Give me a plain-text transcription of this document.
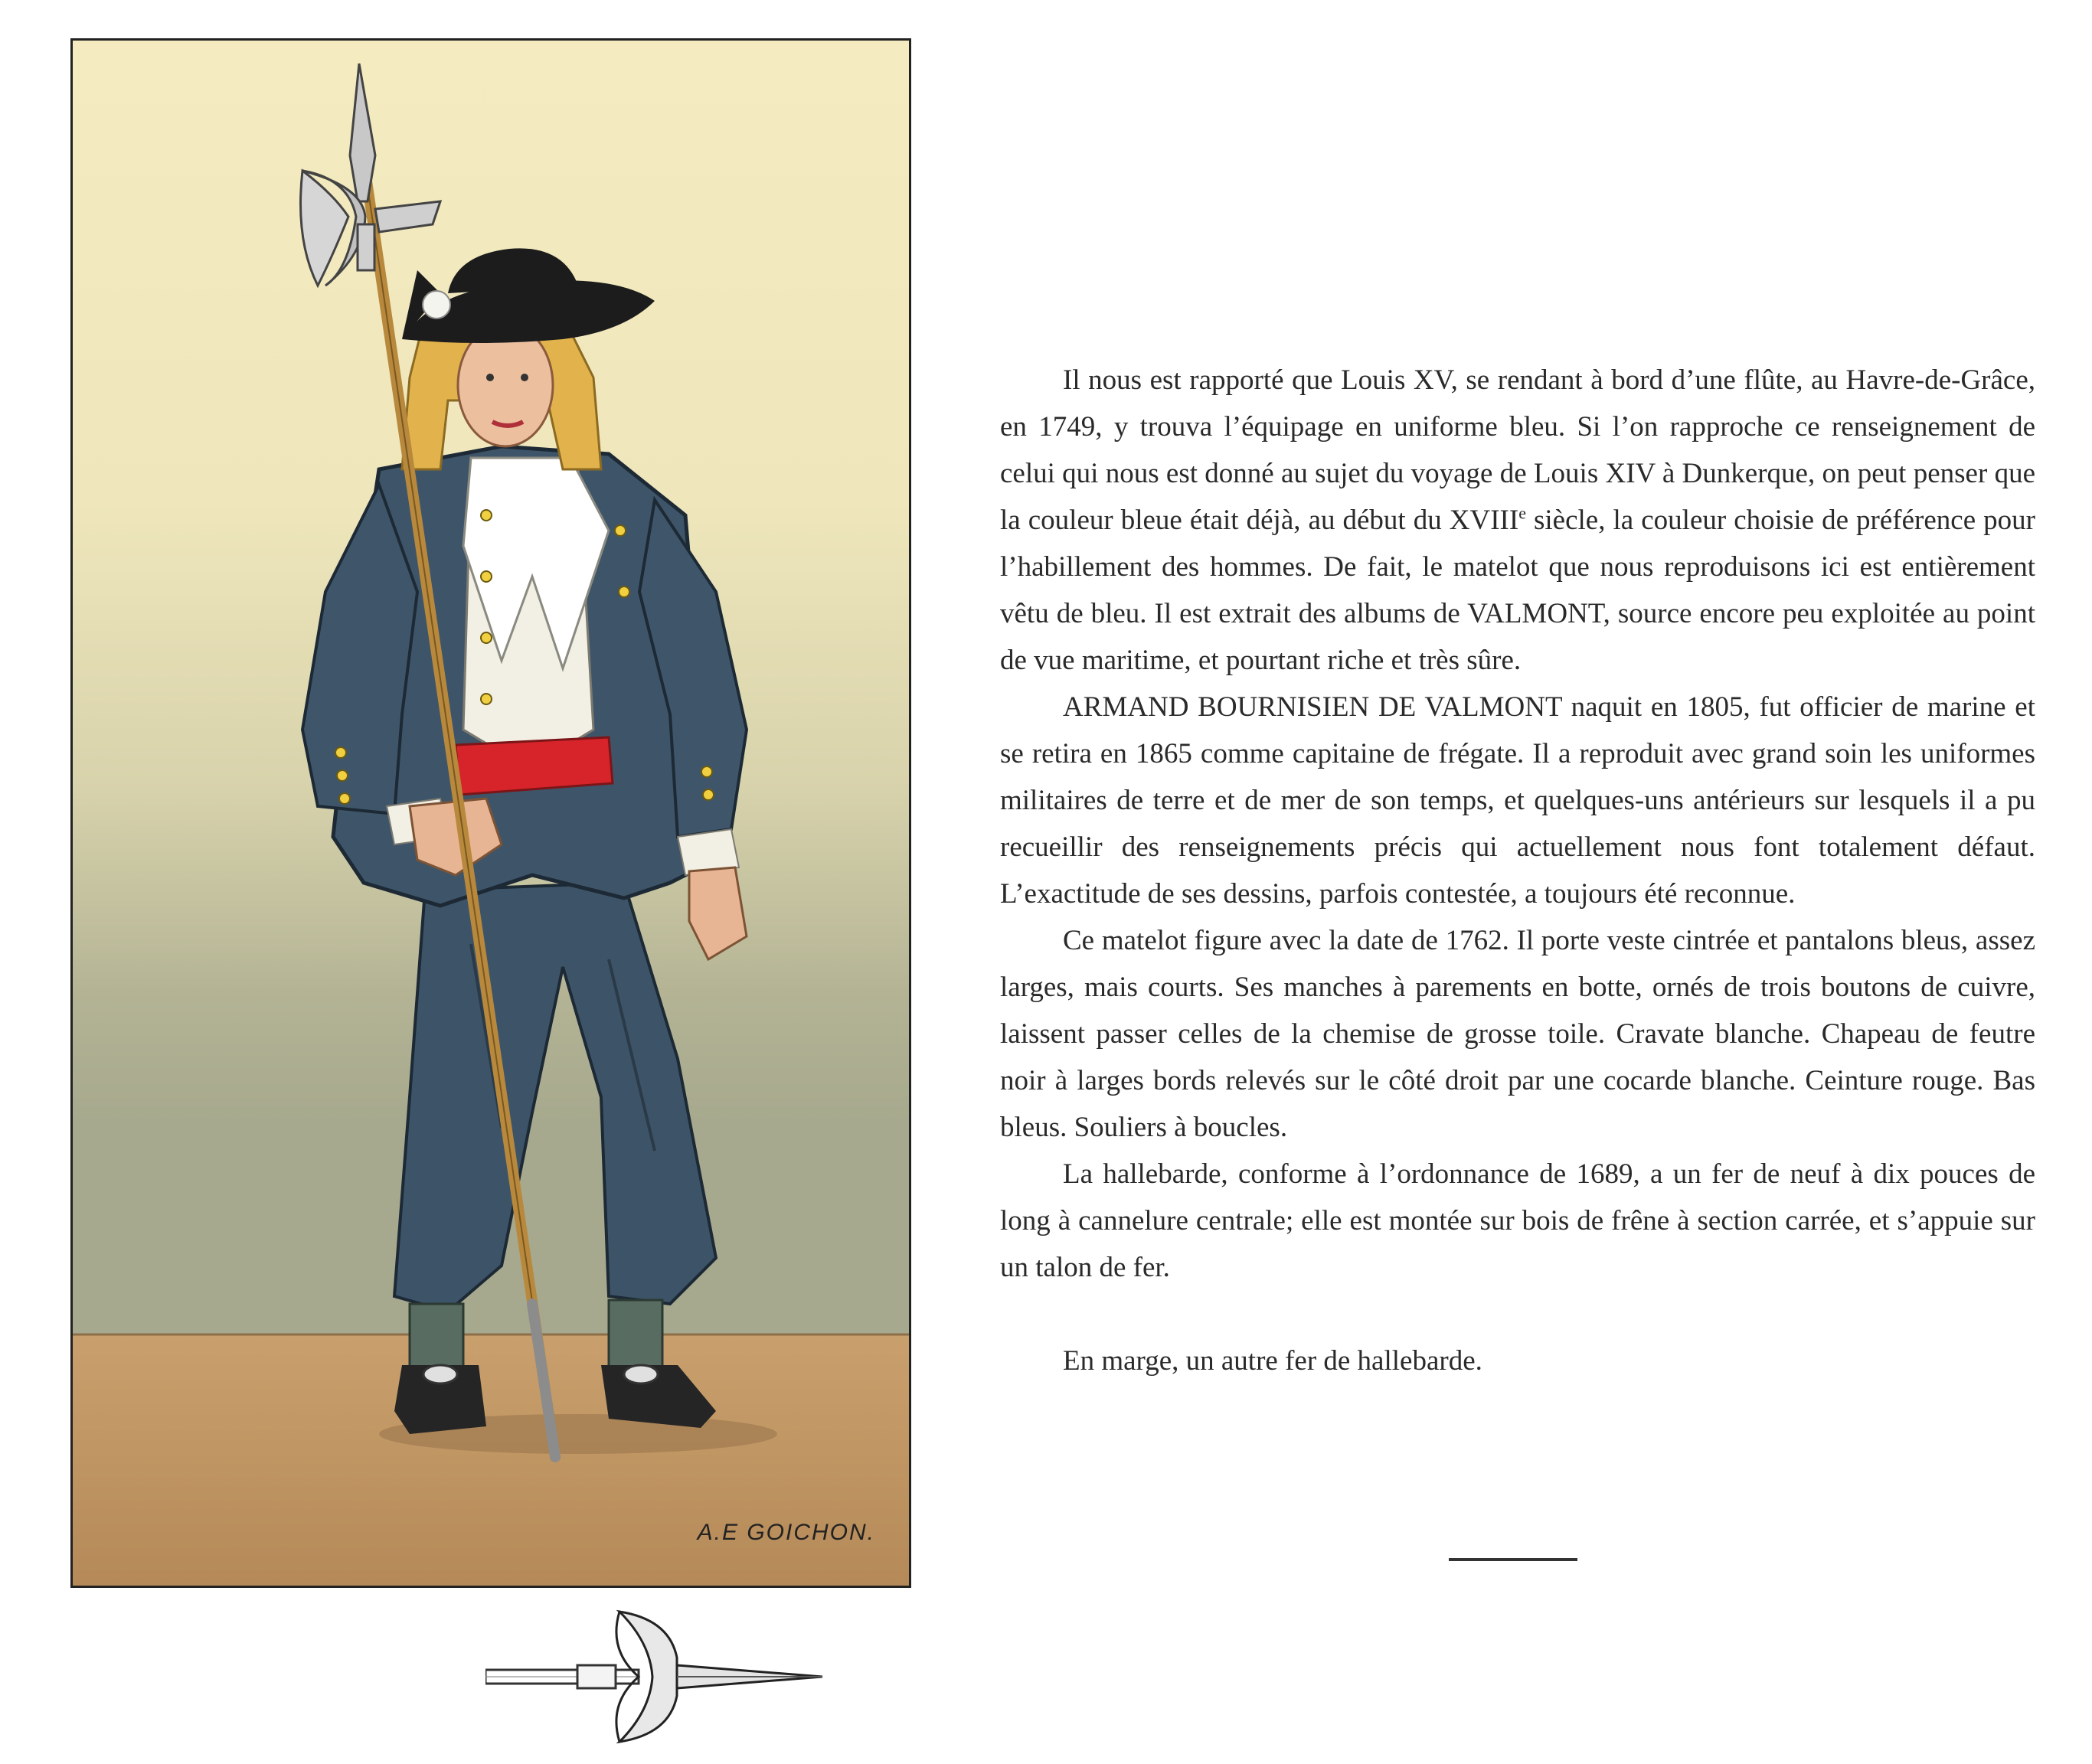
A.E GOICHON.

Il nous est rapporté que Louis XV, se rendant à bord d’une flûte, au Havre-de-Grâce, en 1749, y trouva l’équipage en uniforme bleu. Si l’on rapproche ce renseignement de celui qui nous est donné au sujet du voyage de Louis XIV à Dunkerque, on peut penser que la couleur bleue était déjà, au début du XVIIIe siècle, la couleur choisie de préférence pour l’habillement des hommes. De fait, le matelot que nous reproduisons ici est entièrement vêtu de bleu. Il est extrait des albums de VALMONT, source encore peu exploitée au point de vue maritime, et pourtant riche et très sûre.

ARMAND BOURNISIEN DE VALMONT naquit en 1805, fut officier de marine et se retira en 1865 comme capitaine de frégate. Il a reproduit avec grand soin les uniformes militaires de terre et de mer de son temps, et quelques-uns antérieurs sur lesquels il a pu recueillir des renseignements précis qui actuellement nous font totalement défaut. L’exactitude de ses dessins, parfois contestée, a toujours été reconnue.

Ce matelot figure avec la date de 1762. Il porte veste cintrée et pantalons bleus, assez larges, mais courts. Ses manches à parements en botte, ornés de trois boutons de cuivre, laissent passer celles de la chemise de grosse toile. Cravate blanche. Chapeau de feutre noir à larges bords relevés sur le côté droit par une cocarde blanche. Ceinture rouge. Bas bleus. Souliers à boucles.

La hallebarde, conforme à l’ordonnance de 1689, a un fer de neuf à dix pouces de long à cannelure centrale; elle est montée sur bois de frêne à section carrée, et s’appuie sur un talon de fer.

En marge, un autre fer de hallebarde.
